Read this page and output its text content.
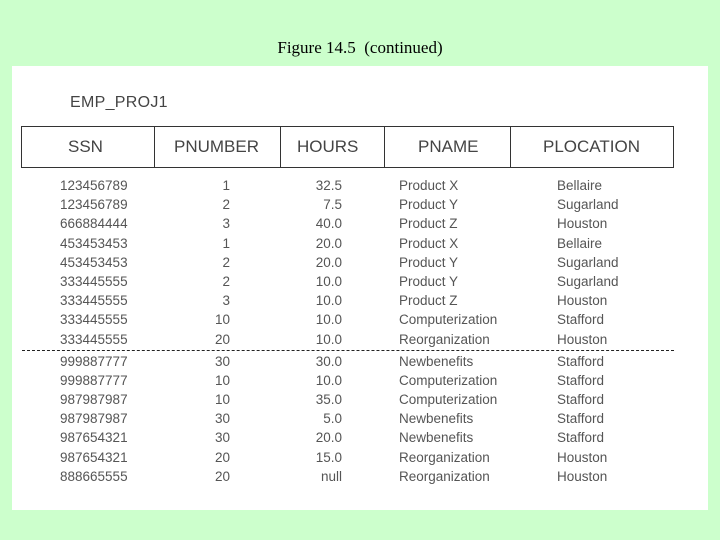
Figure 14.5  (continued)
EMP_PROJ1
SSN	PNUMBER	HOURS	PNAME	PLOCATION
123456789	1	32.5	Product X	Bellaire
123456789	2	7.5	Product Y	Sugarland
666884444	3	40.0	Product Z	Houston
453453453	1	20.0	Product X	Bellaire
453453453	2	20.0	Product Y	Sugarland
333445555	2	10.0	Product Y	Sugarland
333445555	3	10.0	Product Z	Houston
333445555	10	10.0	Computerization	Stafford
333445555	20	10.0	Reorganization	Houston
999887777	30	30.0	Newbenefits	Stafford
999887777	10	10.0	Computerization	Stafford
987987987	10	35.0	Computerization	Stafford
987987987	30	5.0	Newbenefits	Stafford
987654321	30	20.0	Newbenefits	Stafford
987654321	20	15.0	Reorganization	Houston
888665555	20	null	Reorganization	Houston
